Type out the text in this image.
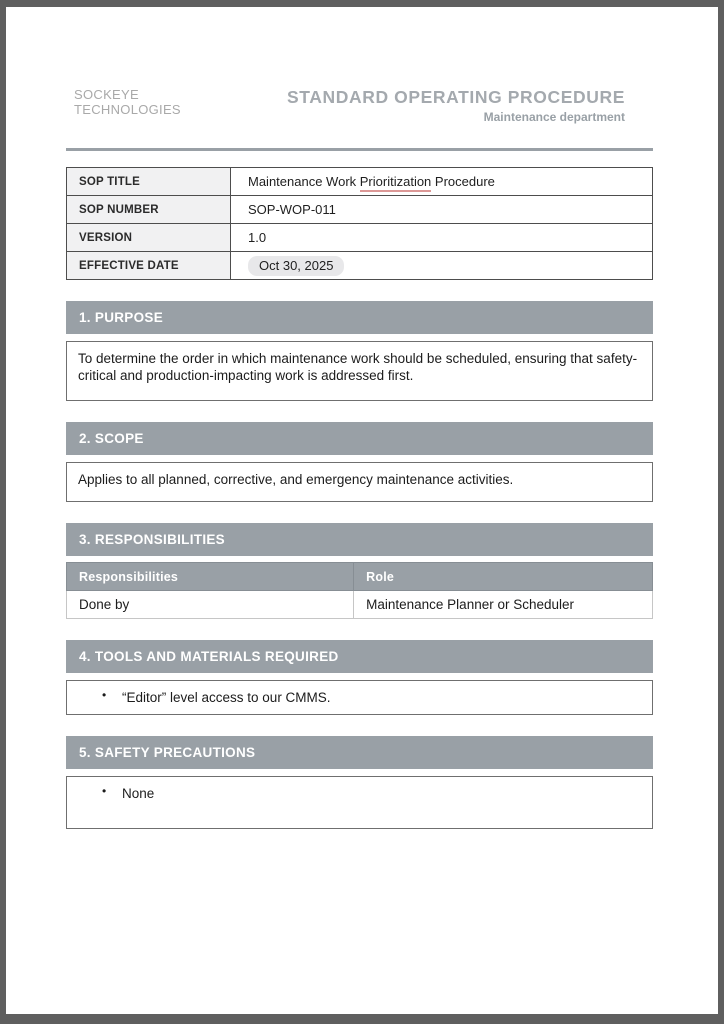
SOCKEYE
TECHNOLOGIES
STANDARD OPERATING PROCEDURE
Maintenance department
SOP TITLE	Maintenance Work Prioritization Procedure
SOP NUMBER	SOP-WOP-011
VERSION	1.0
EFFECTIVE DATE	Oct 30, 2025
1. PURPOSE
To determine the order in which maintenance work should be scheduled, ensuring that safety-critical and production-impacting work is addressed first.
2. SCOPE
Applies to all planned, corrective, and emergency maintenance activities.
3. RESPONSIBILITIES
Responsibilities	Role
Done by	Maintenance Planner or Scheduler
4. TOOLS AND MATERIALS REQUIRED
• “Editor” level access to our CMMS.
5. SAFETY PRECAUTIONS
• None
